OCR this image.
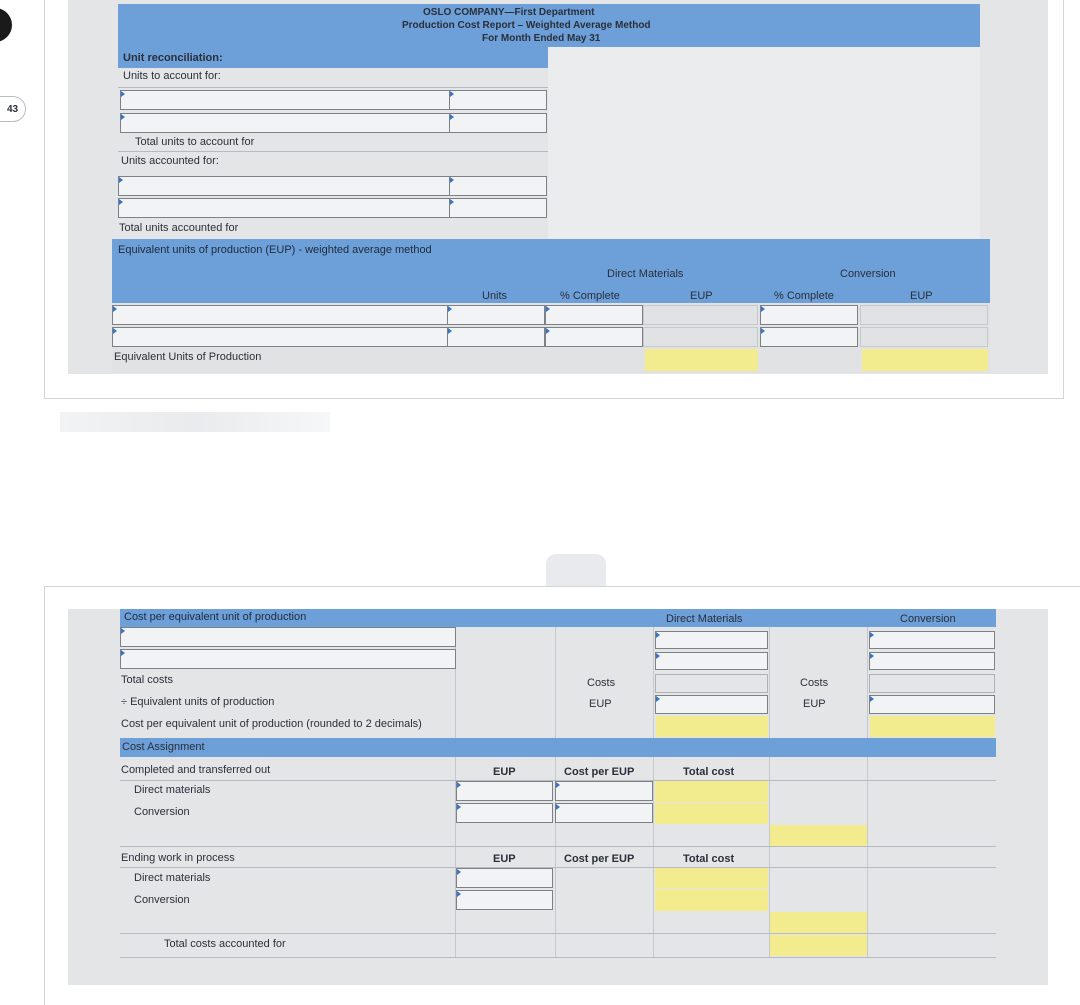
43
OSLO COMPANY—First Department
Production Cost Report – Weighted Average Method
For Month Ended May 31
Unit reconciliation:
Units to account for:
Total units to account for
Units accounted for:
Total units accounted for
Equivalent units of production (EUP) - weighted average method
Direct Materials	Conversion
Units	% Complete	EUP	% Complete	EUP
Equivalent Units of Production
Cost per equivalent unit of production	Direct Materials	Conversion
Total costs	Costs	Costs
÷ Equivalent units of production	EUP	EUP
Cost per equivalent unit of production (rounded to 2 decimals)
Cost Assignment
Completed and transferred out	EUP	Cost per EUP	Total cost
Direct materials
Conversion
Ending work in process	EUP	Cost per EUP	Total cost
Direct materials
Conversion
Total costs accounted for
